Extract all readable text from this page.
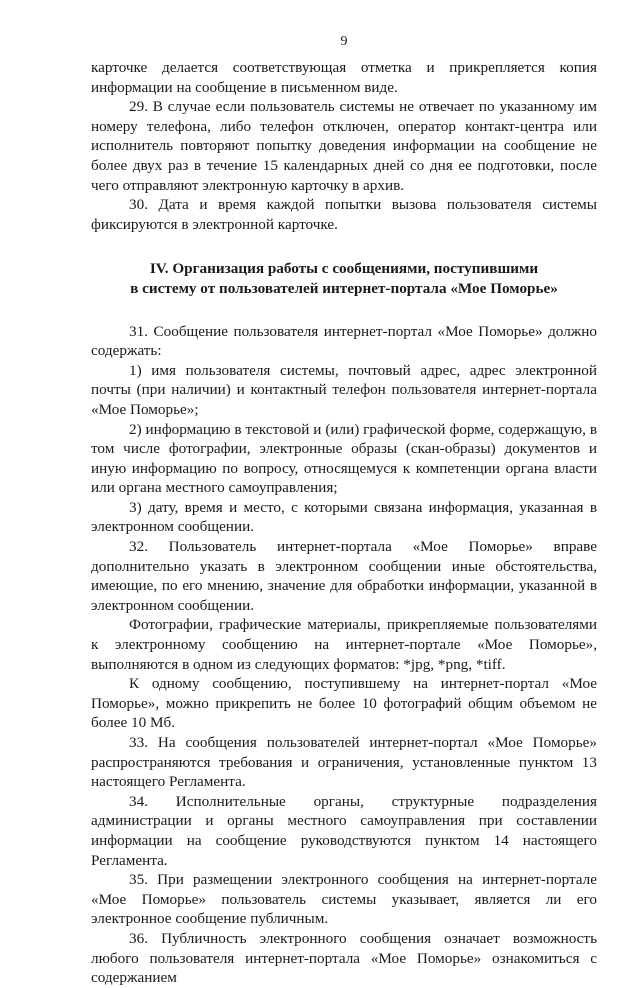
9

карточке делается соответствующая отметка и прикрепляется копия информации на сообщение в письменном виде.

29. В случае если пользователь системы не отвечает по указанному им номеру телефона, либо телефон отключен, оператор контакт-центра или исполнитель повторяют попытку доведения информации на сообщение не более двух раз в течение 15 календарных дней со дня ее подготовки, после чего отправляют электронную карточку в архив.

30. Дата и время каждой попытки вызова пользователя системы фиксируются в электронной карточке.

IV. Организация работы с сообщениями, поступившими
в систему от пользователей интернет-портала «Мое Поморье»

31. Сообщение пользователя интернет-портал «Мое Поморье» должно содержать:

1) имя пользователя системы, почтовый адрес, адрес электронной почты (при наличии) и контактный телефон пользователя интернет-портала «Мое Поморье»;

2) информацию в текстовой и (или) графической форме, содержащую, в том числе фотографии, электронные образы (скан-образы) документов и иную информацию по вопросу, относящемуся к компетенции органа власти или органа местного самоуправления;

3) дату, время и место, с которыми связана информация, указанная в электронном сообщении.

32. Пользователь интернет-портала «Мое Поморье» вправе дополнительно указать в электронном сообщении иные обстоятельства, имеющие, по его мнению, значение для обработки информации, указанной в электронном сообщении.

Фотографии, графические материалы, прикрепляемые пользователями к электронному сообщению на интернет-портале «Мое Поморье», выполняются в одном из следующих форматов: *jpg, *png, *tiff.

К одному сообщению, поступившему на интернет-портал «Мое Поморье», можно прикрепить не более 10 фотографий общим объемом не более 10 Мб.

33. На сообщения пользователей интернет-портал «Мое Поморье» распространяются требования и ограничения, установленные пунктом 13 настоящего Регламента.

34. Исполнительные органы, структурные подразделения администрации и органы местного самоуправления при составлении информации на сообщение руководствуются пунктом 14 настоящего Регламента.

35. При размещении электронного сообщения на интернет-портале «Мое Поморье» пользователь системы указывает, является ли его электронное сообщение публичным.

36. Публичность электронного сообщения означает возможность любого пользователя интернет-портала «Мое Поморье» ознакомиться с содержанием
